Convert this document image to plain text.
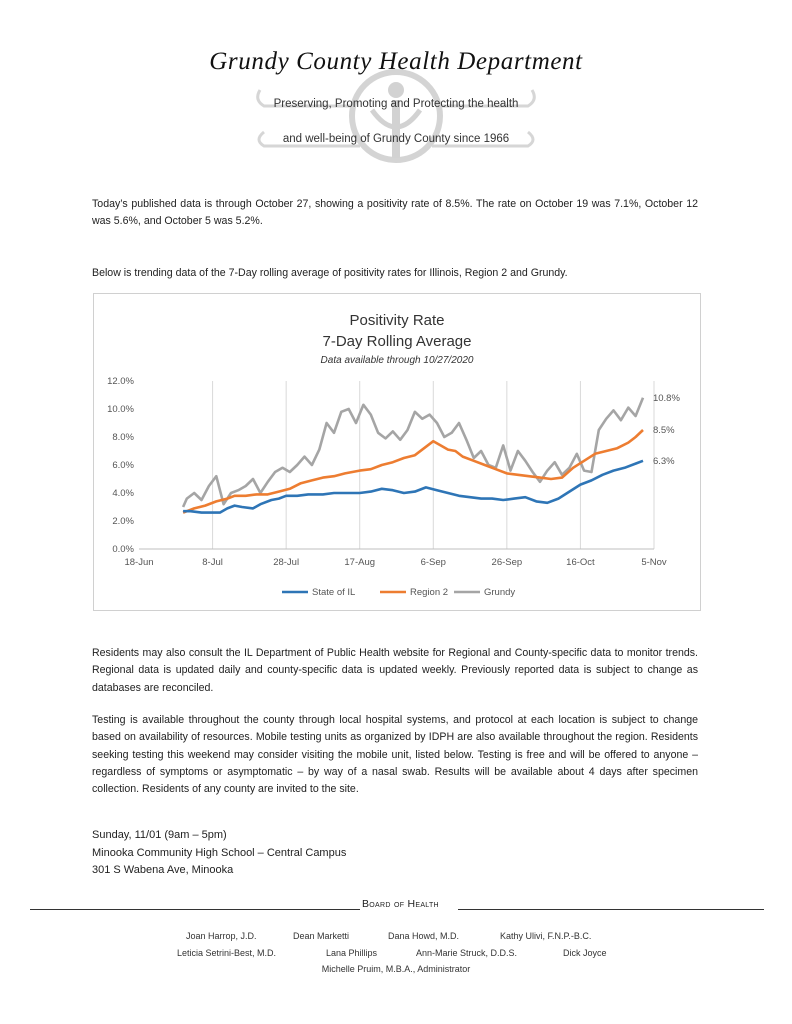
Grundy County Health Department
Preserving, Promoting and Protecting the health
and well-being of Grundy County since 1966
Today’s published data is through October 27, showing a positivity rate of 8.5%. The rate on October 19 was 7.1%, October 12 was 5.6%, and October 5 was 5.2%.
Below is trending data of the 7-Day rolling average of positivity rates for Illinois, Region 2 and Grundy.
Positivity Rate
7-Day Rolling Average
Data available through 10/27/2020
18-Jun	8-Jul	28-Jul	17-Aug	6-Sep	26-Sep	16-Oct	5-Nov
0.0%
2.0%
4.0%
6.0%
8.0%
10.0%
12.0%
10.8%
8.5%
6.3%
State of IL	Region 2	Grundy
Residents may also consult the IL Department of Public Health website for Regional and County-specific data to monitor trends. Regional data is updated daily and county-specific data is updated weekly. Previously reported data is subject to change as databases are reconciled.
Testing is available throughout the county through local hospital systems, and protocol at each location is subject to change based on availability of resources. Mobile testing units as organized by IDPH are also available throughout the region. Residents seeking testing this weekend may consider visiting the mobile unit, listed below. Testing is free and will be offered to anyone – regardless of symptoms or asymptomatic – by way of a nasal swab. Results will be available about 4 days after specimen collection. Residents of any county are invited to the site.
Sunday, 11/01 (9am – 5pm)
Minooka Community High School – Central Campus
301 S Wabena Ave, Minooka
Board of Health
Joan Harrop, J.D.	Dean Marketti	Dana Howd, M.D.	Kathy Ulivi, F.N.P.-B.C.
Leticia Setrini-Best, M.D.	Lana Phillips	Ann-Marie Struck, D.D.S.	Dick Joyce
Michelle Pruim, M.B.A., Administrator
